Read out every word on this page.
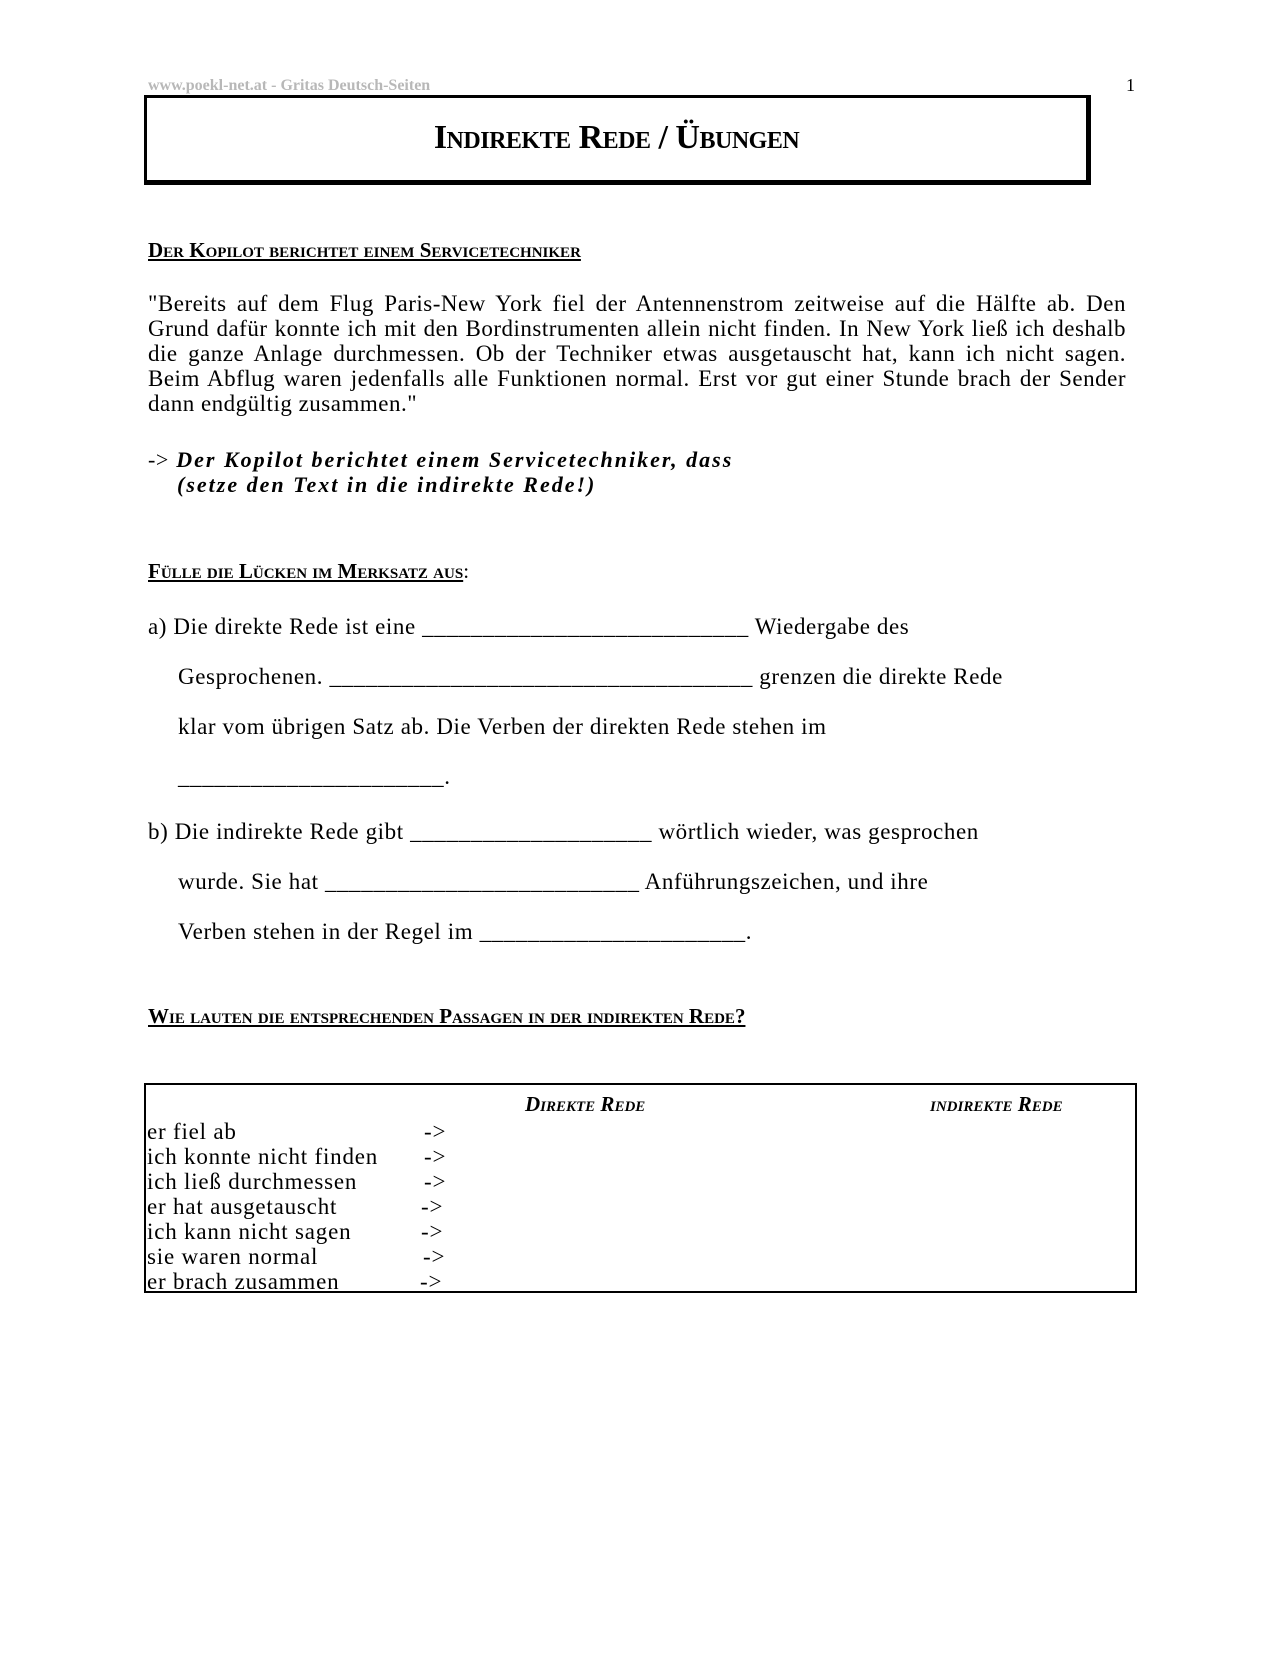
www.poekl-net.at - Gritas Deutsch-Seiten	1
Indirekte Rede / Übungen
Der Kopilot berichtet einem Servicetechniker
"Bereits auf dem Flug Paris-New York fiel der Antennenstrom zeitweise auf die Hälfte ab. Den Grund dafür konnte ich mit den Bordinstrumenten allein nicht finden. In New York ließ ich deshalb die ganze Anlage durchmessen. Ob der Techniker etwas ausgetauscht hat, kann ich nicht sagen. Beim Abflug waren jedenfalls alle Funktionen normal. Erst vor gut einer Stunde brach der Sender dann endgültig zusammen."
-> Der Kopilot berichtet einem Servicetechniker, dass
(setze den Text in die indirekte Rede!)
Fülle die Lücken im Merksatz aus:
a) Die direkte Rede ist eine ___________________________ Wiedergabe des
Gesprochenen. ___________________________________ grenzen die direkte Rede
klar vom übrigen Satz ab. Die Verben der direkten Rede stehen im
______________________.
b) Die indirekte Rede gibt ____________________ wörtlich wieder, was gesprochen
wurde. Sie hat __________________________ Anführungszeichen, und ihre
Verben stehen in der Regel im ______________________.
Wie lauten die entsprechenden Passagen in der indirekten Rede?
Direkte Rede	indirekte Rede
er fiel ab	->
ich konnte nicht finden ->
ich ließ durchmessen	->
er hat ausgetauscht	->
ich kann nicht sagen	->
sie waren normal	->
er brach zusammen	->
